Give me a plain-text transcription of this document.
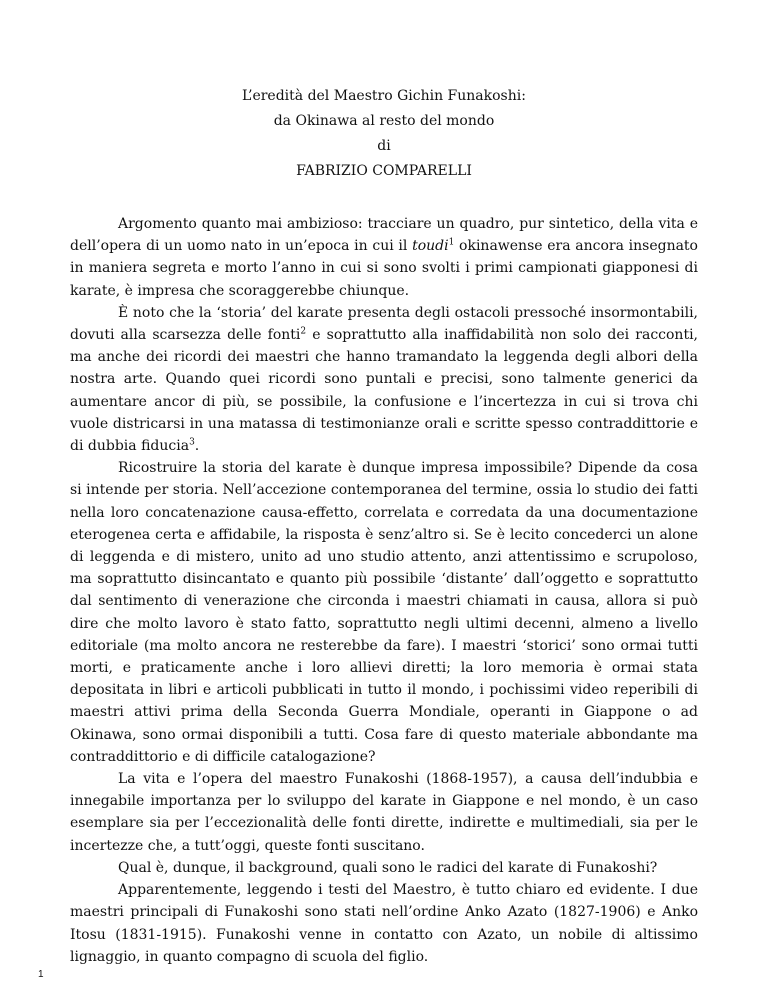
L’eredità del Maestro Gichin Funakoshi:
da Okinawa al resto del mondo
di
FABRIZIO COMPARELLI

Argomento quanto mai ambizioso: tracciare un quadro, pur sintetico, della vita e dell’opera di un uomo nato in un’epoca in cui il toudi$^1$ okinawense era ancora insegnato in maniera segreta e morto l’anno in cui si sono svolti i primi campionati giapponesi di karate, è impresa che scoraggerebbe chiunque.

È noto che la ‘storia’ del karate presenta degli ostacoli pressoché insormontabili, dovuti alla scarsezza delle fonti$^2$ e soprattutto alla inaffidabilità non solo dei racconti, ma anche dei ricordi dei maestri che hanno tramandato la leggenda degli albori della nostra arte. Quando quei ricordi sono puntali e precisi, sono talmente generici da aumentare ancor di più, se possibile, la confusione e l’incertezza in cui si trova chi vuole districarsi in una matassa di testimonianze orali e scritte spesso contraddittorie e di dubbia fiducia$^3$.

Ricostruire la storia del karate è dunque impresa impossibile? Dipende da cosa si intende per storia. Nell’accezione contemporanea del termine, ossia lo studio dei fatti nella loro concatenazione causa-effetto, correlata e corredata da una documentazione eterogenea certa e affidabile, la risposta è senz’altro si. Se è lecito concederci un alone di leggenda e di mistero, unito ad uno studio attento, anzi attentissimo e scrupoloso, ma soprattutto disincantato e quanto più possibile ‘distante’ dall’oggetto e soprattutto dal sentimento di venerazione che circonda i maestri chiamati in causa, allora si può dire che molto lavoro è stato fatto, soprattutto negli ultimi decenni, almeno a livello editoriale (ma molto ancora ne resterebbe da fare). I maestri ‘storici’ sono ormai tutti morti, e praticamente anche i loro allievi diretti; la loro memoria è ormai stata depositata in libri e articoli pubblicati in tutto il mondo, i pochissimi video reperibili di maestri attivi prima della Seconda Guerra Mondiale, operanti in Giappone o ad Okinawa, sono ormai disponibili a tutti. Cosa fare di questo materiale abbondante ma contraddittorio e di difficile catalogazione?

La vita e l’opera del maestro Funakoshi (1868-1957), a causa dell’indubbia e innegabile importanza per lo sviluppo del karate in Giappone e nel mondo, è un caso esemplare sia per l’eccezionalità delle fonti dirette, indirette e multimediali, sia per le incertezze che, a tutt’oggi, queste fonti suscitano.

Qual è, dunque, il background, quali sono le radici del karate di Funakoshi?

Apparentemente, leggendo i testi del Maestro, è tutto chiaro ed evidente. I due maestri principali di Funakoshi sono stati nell’ordine Anko Azato (1827-1906) e Anko Itosu (1831-1915). Funakoshi venne in contatto con Azato, un nobile di altissimo lignaggio, in quanto compagno di scuola del figlio.

1
